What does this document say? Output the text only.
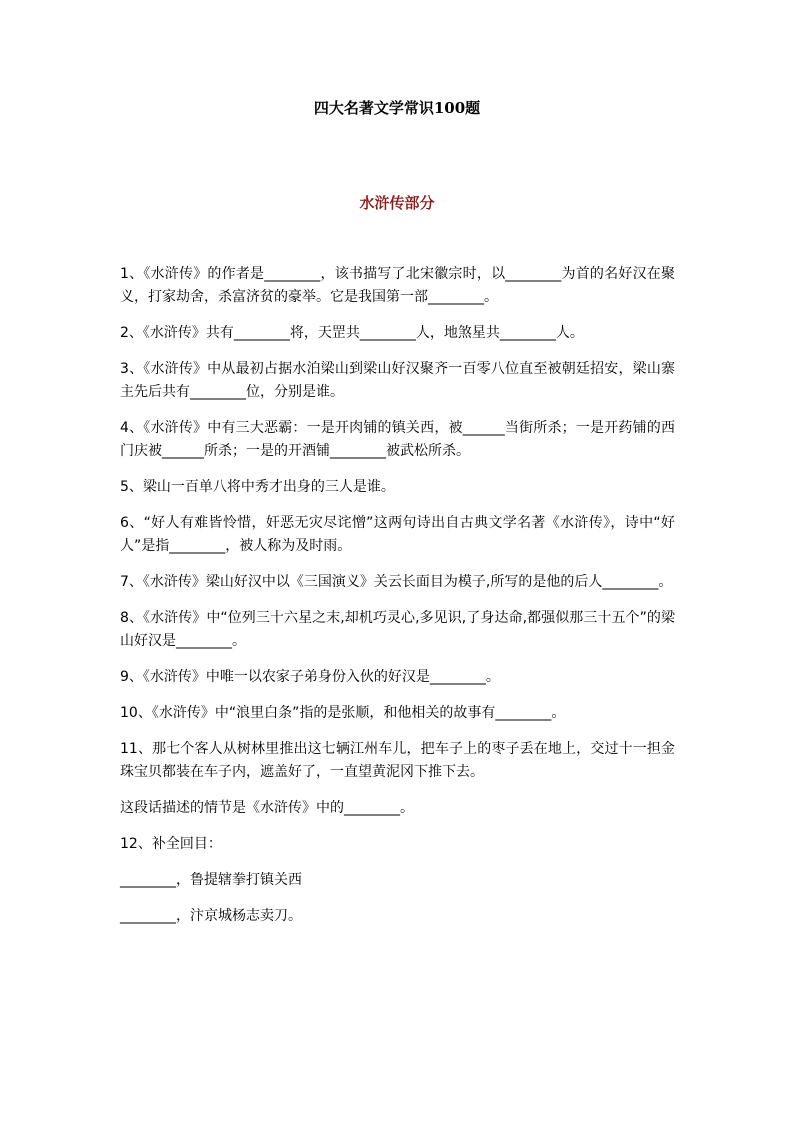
四大名著文学常识100题
水浒传部分

1、《水浒传》的作者是________，该书描写了北宋徽宗时，以________为首的名好汉在聚义，打家劫舍，杀富济贫的豪举。它是我国第一部________。

2、《水浒传》共有________将，天罡共________人，地煞星共________人。

3、《水浒传》中从最初占据水泊梁山到梁山好汉聚齐一百零八位直至被朝廷招安，梁山寨主先后共有________位，分别是谁。

4、《水浒传》中有三大恶霸：一是开肉铺的镇关西，被______当街所杀；一是开药铺的西门庆被______所杀；一是的开酒铺________被武松所杀。

5、梁山一百单八将中秀才出身的三人是谁。

6、“好人有难皆怜惜，奸恶无灾尽诧憎”这两句诗出自古典文学名著《水浒传》，诗中“好人”是指________，被人称为及时雨。

7、《水浒传》梁山好汉中以《三国演义》关云长面目为模子,所写的是他的后人________。

8、《水浒传》中“位列三十六星之末,却机巧灵心,多见识,了身达命,都强似那三十五个”的梁山好汉是________。

9、《水浒传》中唯一以农家子弟身份入伙的好汉是________。

10、《水浒传》中“浪里白条”指的是张顺，和他相关的故事有________。

11、那七个客人从树林里推出这七辆江州车儿，把车子上的枣子丢在地上，交过十一担金珠宝贝都装在车子内，遮盖好了，一直望黄泥冈下推下去。

这段话描述的情节是《水浒传》中的________。

12、补全回目：

________，鲁提辖拳打镇关西

________，汴京城杨志卖刀。
